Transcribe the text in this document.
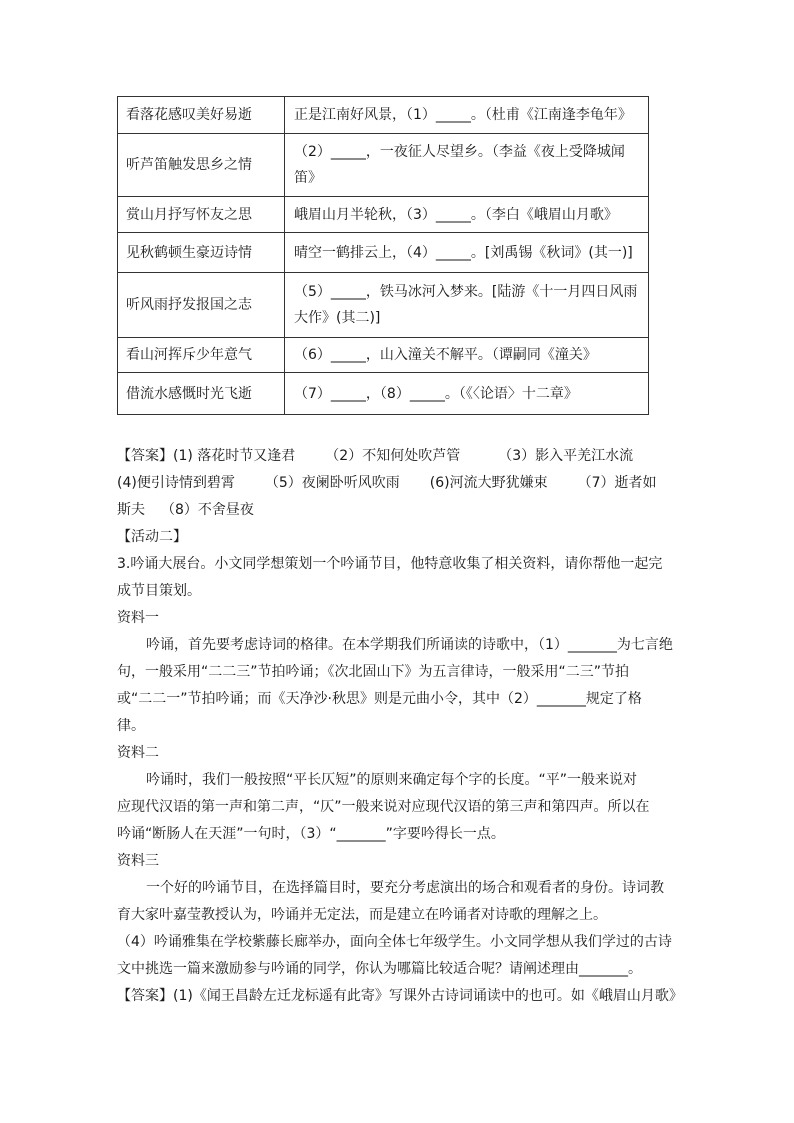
看落花感叹美好易逝	正是江南好风景，（1）_____。（杜甫《江南逢李龟年》
听芦笛触发思乡之情	（2）_____，一夜征人尽望乡。（李益《夜上受降城闻
笛》

赏山月抒写怀友之思	峨眉山月半轮秋，（3）_____。（李白《峨眉山月歌》
见秋鹤顿生豪迈诗情	晴空一鹤排云上，（4）_____。[刘禹锡《秋词》(其一)]
听风雨抒发报国之志	（5）_____，铁马冰河入梦来。[陆游《十一月四日风雨
大作》(其二)]

看山河挥斥少年意气	（6）_____，山入潼关不解平。（谭嗣同《潼关》
借流水感慨时光飞逝	（7）_____，（8）_____。（《〈论语〉十二章》
【答案】(1) 落花时节又逢君 （2）不知何处吹芦管	（3）影入平羌江水流
(4)便引诗情到碧霄 （5）夜阑卧听风吹雨 (6)河流大野犹嫌束 （7）逝者如
斯夫 （8）不舍昼夜
【活动二】
3.吟诵大展台。小文同学想策划一个吟诵节目，他特意收集了相关资料，请你帮他一起完
成节目策划。
资料一
吟诵，首先要考虑诗词的格律。在本学期我们所诵读的诗歌中，（1）_______为七言绝
句，一般采用“二二三”节拍吟诵；《次北固山下》为五言律诗，一般采用“二三”节拍
或“二二一”节拍吟诵；而《天净沙·秋思》则是元曲小令，其中（2）_______规定了格
律。
资料二
吟诵时，我们一般按照“平长仄短”的原则来确定每个字的长度。“平”一般来说对
应现代汉语的第一声和第二声，“仄”一般来说对应现代汉语的第三声和第四声。所以在
吟诵“断肠人在天涯”一句时，（3）“_______”字要吟得长一点。
资料三
一个好的吟诵节目，在选择篇目时，要充分考虑演出的场合和观看者的身份。诗词教
育大家叶嘉莹教授认为，吟诵并无定法，而是建立在吟诵者对诗歌的理解之上。
（4）吟诵雅集在学校紫藤长廊举办，面向全体七年级学生。小文同学想从我们学过的古诗
文中挑选一篇来激励参与吟诵的同学，你认为哪篇比较适合呢？请阐述理由_______。
【答案】(1)《闻王昌龄左迁龙标遥有此寄》写课外古诗词诵读中的也可。如《峨眉山月歌》
